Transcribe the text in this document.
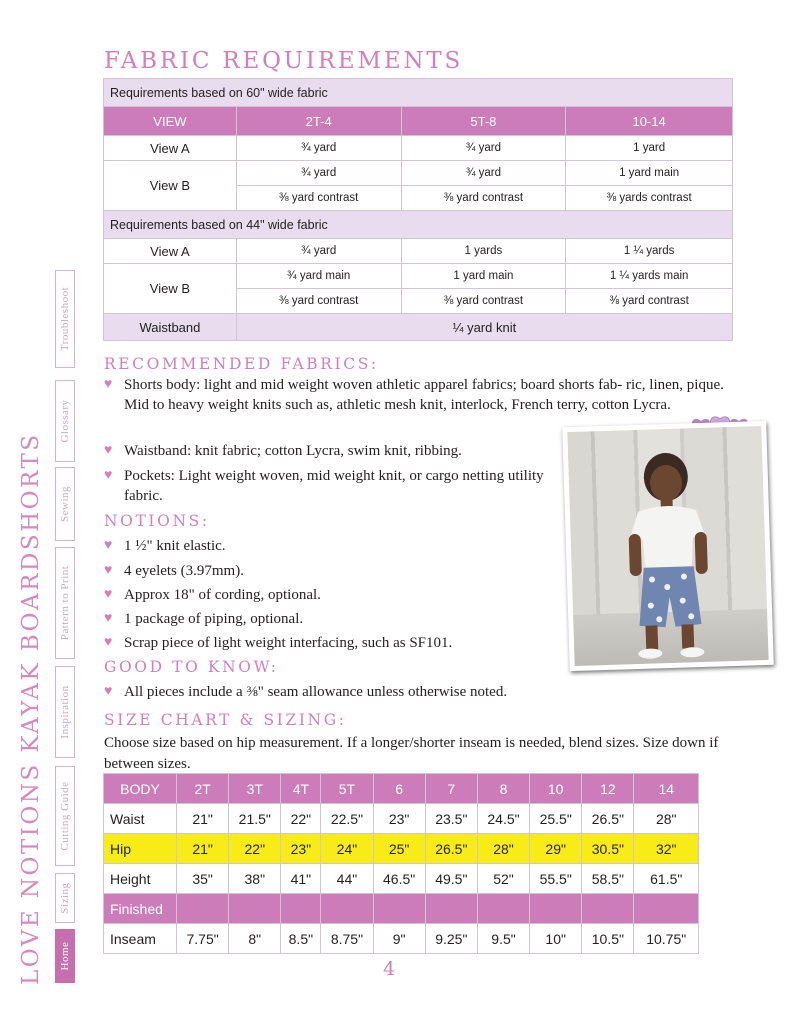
LOVE NOTIONS KAYAK BOARDSHORTS
Troubleshoot
Glossary
Sewing
Pattern to Print
Inspiration
Cutting Guide
Sizing
Home
FABRIC REQUIREMENTS
Requirements based on 60" wide fabric			
VIEW	2T-4	5T-8	10-14
View A	¾ yard	¾ yard	1 yard
View B	¾ yard	¾ yard	1 yard main
	⅜ yard contrast	⅜ yard contrast	⅜ yards contrast
Requirements based on 44" wide fabric			
View A	¾ yard	1 yards	1 ¼ yards
View B	¾ yard main	1 yard main	1 ¼ yards main
	⅜ yard contrast	⅜ yard contrast	⅜ yard contrast
Waistband	¼ yard knit		
RECOMMENDED FABRICS:
♥ Shorts body: light and mid weight woven athletic apparel fabrics; board shorts fab- ric, linen, pique. Mid to heavy weight knits such as, athletic mesh knit, interlock, French terry, cotton Lycra.
♥ Waistband: knit fabric; cotton Lycra, swim knit, ribbing.
♥ Pockets: Light weight woven, mid weight knit, or cargo netting utility fabric.
NOTIONS:
♥ 1 ½" knit elastic.
♥ 4 eyelets (3.97mm).
♥ Approx 18" of cording, optional.
♥ 1 package of piping, optional.
♥ Scrap piece of light weight interfacing, such as SF101.
GOOD TO KNOW:
♥ All pieces include a ⅜" seam allowance unless otherwise noted.
SIZE CHART & SIZING:
Choose size based on hip measurement. If a longer/shorter inseam is needed, blend sizes. Size down if between sizes.
BODY	2T	3T	4T	5T	6	7	8	10	12	14
Waist	21"	21.5"	22"	22.5"	23"	23.5"	24.5"	25.5"	26.5"	28"
Hip	21"	22"	23"	24"	25"	26.5"	28"	29"	30.5"	32"
Height	35"	38"	41"	44"	46.5"	49.5"	52"	55.5"	58.5"	61.5"
Finished										
Inseam	7.75"	8"	8.5"	8.75"	9"	9.25"	9.5"	10"	10.5"	10.75"
4
